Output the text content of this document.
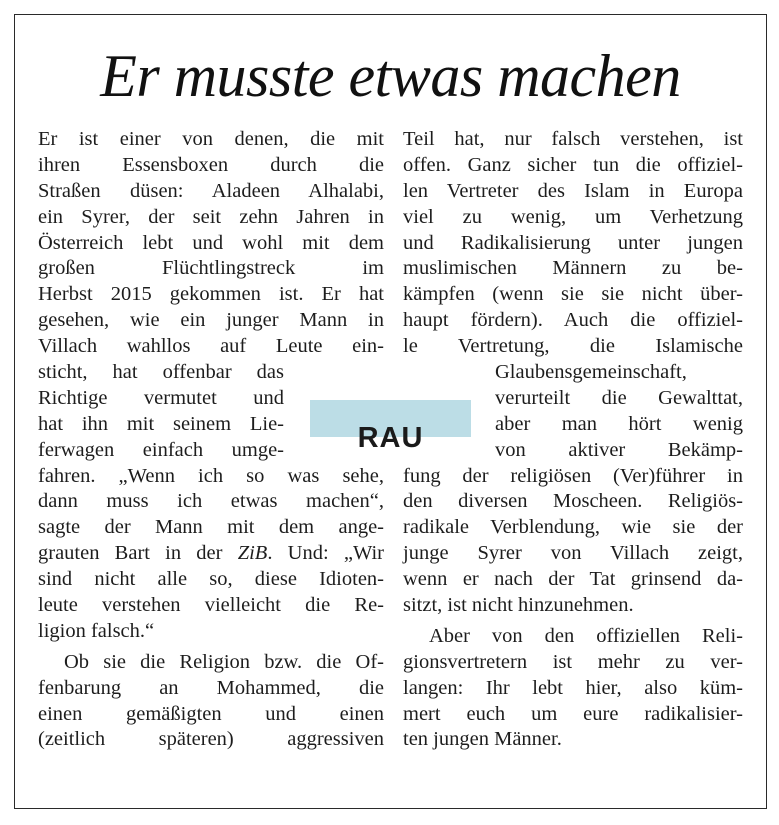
Er musste etwas machen
Er ist einer von denen, die mit
ihren Essensboxen durch die
Straßen düsen: Aladeen Alhalabi,
ein Syrer, der seit zehn Jahren in
Österreich lebt und wohl mit dem
großen Flüchtlingstreck im
Herbst 2015 gekommen ist. Er hat
gesehen, wie ein junger Mann in
Villach wahllos auf Leute ein-
sticht, hat offenbar das
Richtige vermutet und
hat ihn mit seinem Lie-
ferwagen einfach umge-
fahren. „Wenn ich so was sehe,
dann muss ich etwas machen“,
sagte der Mann mit dem ange-
grauten Bart in der ZiB. Und: „Wir
sind nicht alle so, diese Idioten-
leute verstehen vielleicht die Re-
ligion falsch.“
Ob sie die Religion bzw. die Of-
fenbarung an Mohammed, die
einen gemäßigten und einen
(zeitlich späteren) aggressiven
Teil hat, nur falsch verstehen, ist
offen. Ganz sicher tun die offiziel-
len Vertreter des Islam in Europa
viel zu wenig, um Verhetzung
und Radikalisierung unter jungen
muslimischen Männern zu be-
kämpfen (wenn sie sie nicht über-
haupt fördern). Auch die offiziel-
le Vertretung, die Islamische
Glaubensgemeinschaft,
verurteilt die Gewalttat,
aber man hört wenig
von aktiver Bekämp-
fung der religiösen (Ver)führer in
den diversen Moscheen. Religiös-
radikale Verblendung, wie sie der
junge Syrer von Villach zeigt,
wenn er nach der Tat grinsend da-
sitzt, ist nicht hinzunehmen.
Aber von den offiziellen Reli-
gionsvertretern ist mehr zu ver-
langen: Ihr lebt hier, also küm-
mert euch um eure radikalisier-
ten jungen Männer.
RAU
